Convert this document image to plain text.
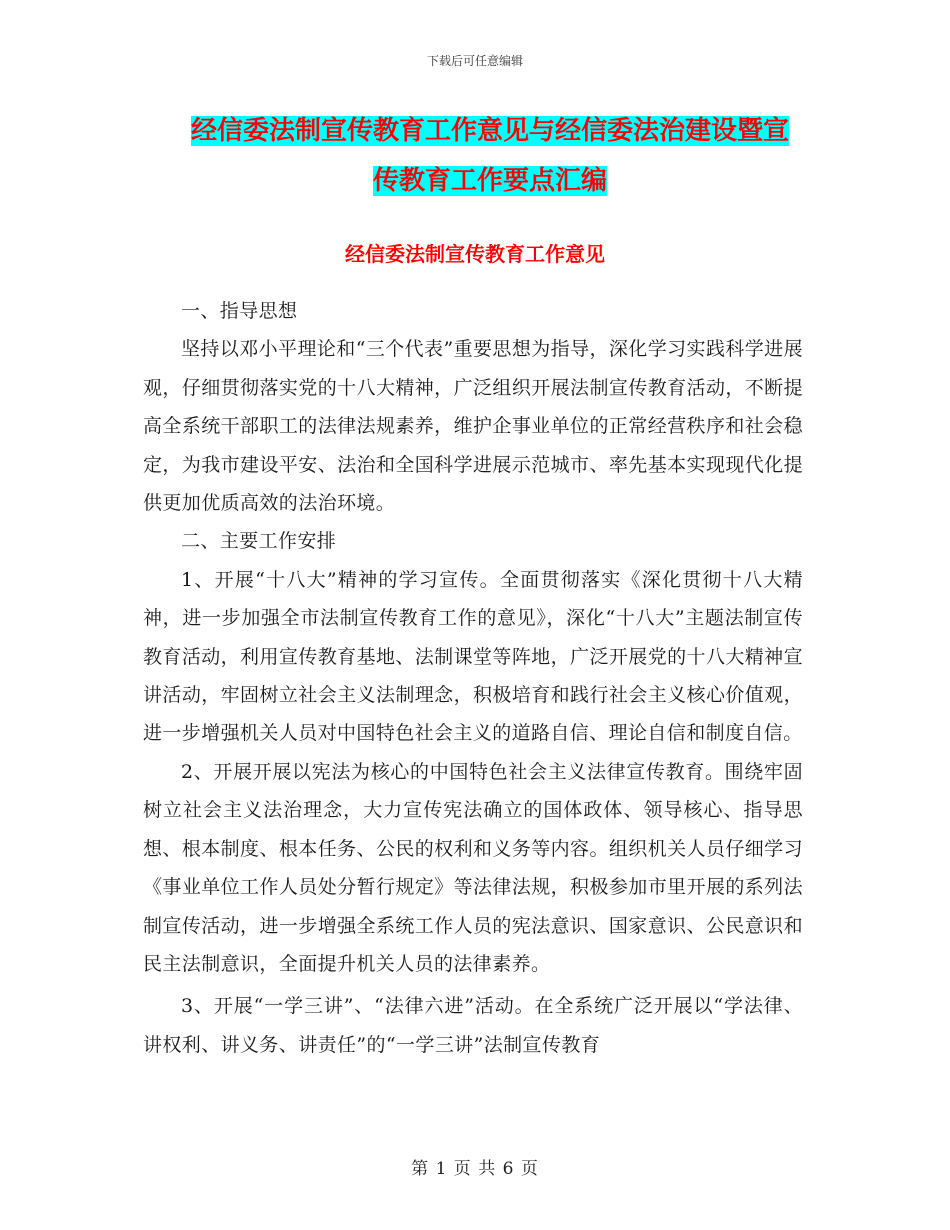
下载后可任意编辑
经信委法制宣传教育工作意见与经信委法治建设暨宣
传教育工作要点汇编
经信委法制宣传教育工作意见

一、指导思想

坚持以邓小平理论和“三个代表”重要思想为指导，深化学习实践科学进展观，仔细贯彻落实党的十八大精神，广泛组织开展法制宣传教育活动，不断提高全系统干部职工的法律法规素养，维护企事业单位的正常经营秩序和社会稳定，为我市建设平安、法治和全国科学进展示范城市、率先基本实现现代化提供更加优质高效的法治环境。

二、主要工作安排

1、开展“十八大”精神的学习宣传。全面贯彻落实《深化贯彻十八大精神，进一步加强全市法制宣传教育工作的意见》，深化“十八大”主题法制宣传教育活动，利用宣传教育基地、法制课堂等阵地，广泛开展党的十八大精神宣讲活动，牢固树立社会主义法制理念，积极培育和践行社会主义核心价值观，进一步增强机关人员对中国特色社会主义的道路自信、理论自信和制度自信。

2、开展开展以宪法为核心的中国特色社会主义法律宣传教育。围绕牢固树立社会主义法治理念，大力宣传宪法确立的国体政体、领导核心、指导思想、根本制度、根本任务、公民的权利和义务等内容。组织机关人员仔细学习《事业单位工作人员处分暂行规定》等法律法规，积极参加市里开展的系列法制宣传活动，进一步增强全系统工作人员的宪法意识、国家意识、公民意识和民主法制意识，全面提升机关人员的法律素养。

3、开展“一学三讲”、“法律六进”活动。在全系统广泛开展以“学法律、讲权利、讲义务、讲责任”的“一学三讲”法制宣传教育

第 1 页 共 6 页
